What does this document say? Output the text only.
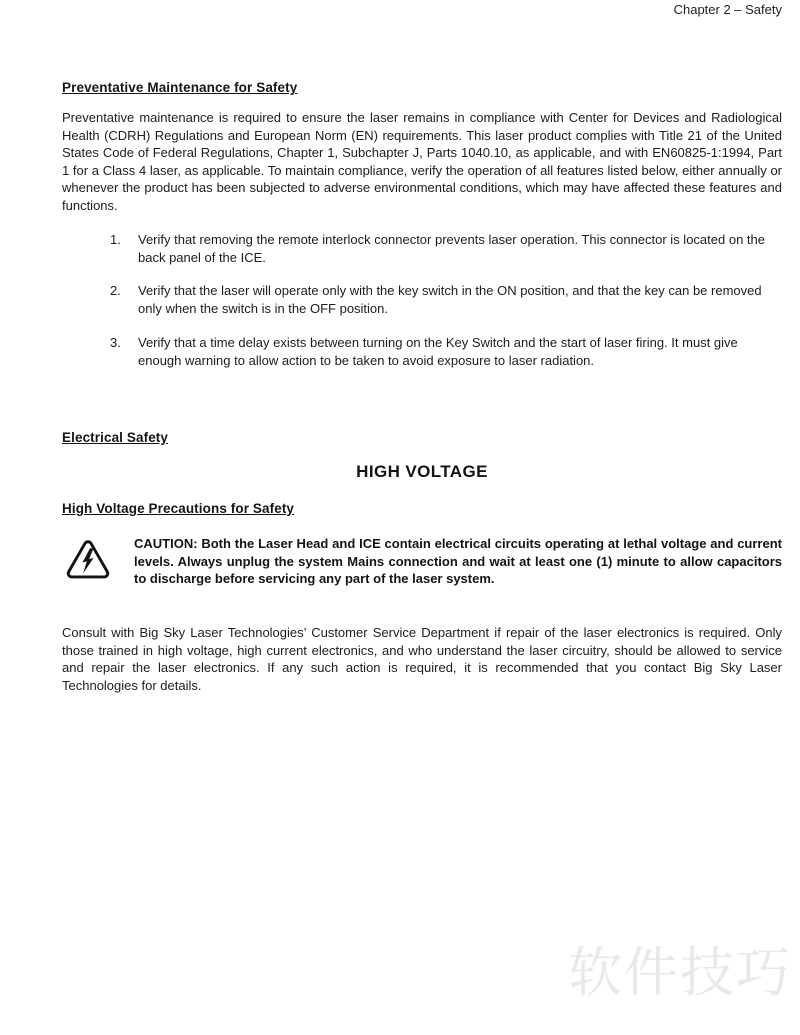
Chapter 2 – Safety
Preventative Maintenance for Safety
Preventative maintenance is required to ensure the laser remains in compliance with Center for Devices and Radiological Health (CDRH) Regulations and European Norm (EN) requirements. This laser product complies with Title 21 of the United States Code of Federal Regulations, Chapter 1, Subchapter J, Parts 1040.10, as applicable, and with EN60825-1:1994, Part 1 for a Class 4 laser, as applicable. To maintain compliance, verify the operation of all features listed below, either annually or whenever the product has been subjected to adverse environmental conditions, which may have affected these features and functions.
1.	Verify that removing the remote interlock connector prevents laser operation. This connector is located on the back panel of the ICE.
2.	Verify that the laser will operate only with the key switch in the ON position, and that the key can be removed only when the switch is in the OFF position.
3.	Verify that a time delay exists between turning on the Key Switch and the start of laser firing. It must give enough warning to allow action to be taken to avoid exposure to laser radiation.
Electrical Safety
HIGH VOLTAGE
High Voltage Precautions for Safety
CAUTION: Both the Laser Head and ICE contain electrical circuits operating at lethal voltage and current levels. Always unplug the system Mains connection and wait at least one (1) minute to allow capacitors to discharge before servicing any part of the laser system.
Consult with Big Sky Laser Technologies’ Customer Service Department if repair of the laser electronics is required. Only those trained in high voltage, high current electronics, and who understand the laser circuitry, should be allowed to service and repair the laser electronics. If any such action is required, it is recommended that you contact Big Sky Laser Technologies for details.
软件技巧
